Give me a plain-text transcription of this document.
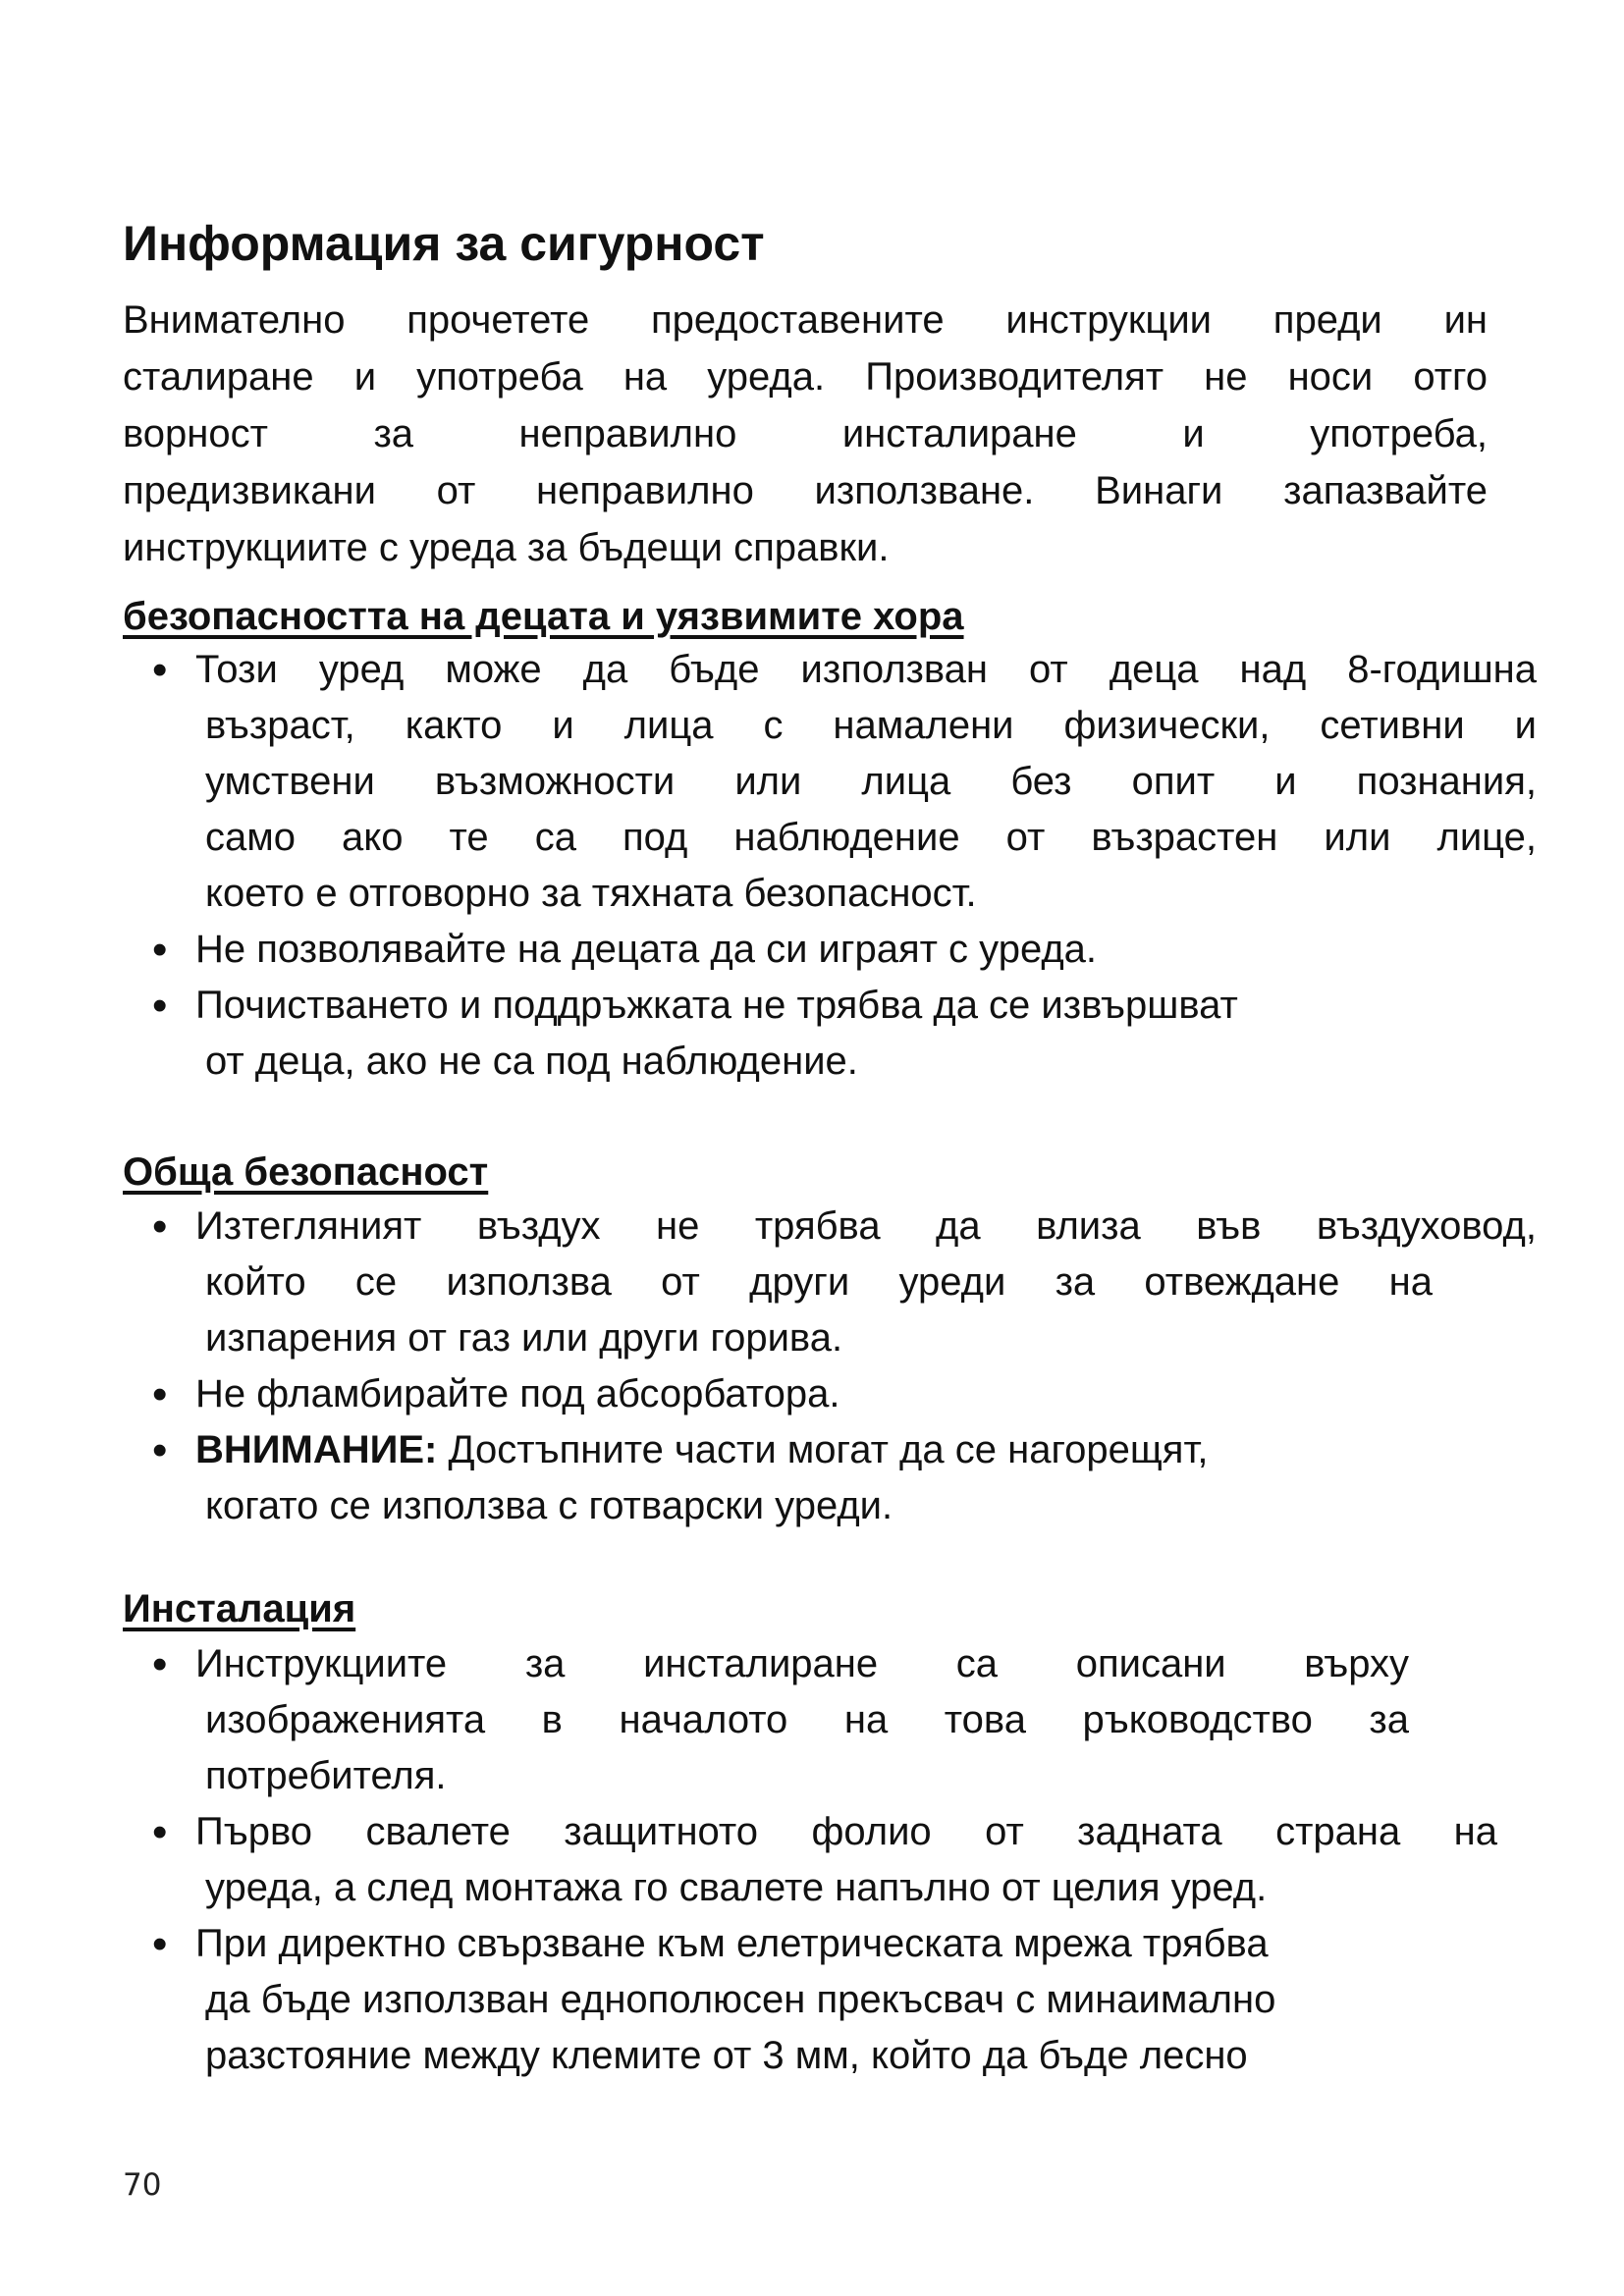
Информация за сигурност
Внимателно прочетете предоставените инструкции преди ин
сталиране и употреба на уреда. Производителят не носи отго
ворност за неправилно инсталиране и употреба,
предизвикани от неправилно използване. Винаги запазвайте
инструкциите с уреда за бъдещи справки.
безопасността на децата и уязвимите хора
• Този уред може да бъде използван от деца над 8-годишна
възраст, както и лица с намалени физически, сетивни и
умствени възможности или лица без опит и познания,
само ако те са под наблюдение от възрастен или лице,
което е отговорно за тяхната безопасност.
• Не позволявайте на децата да си играят с уреда.
• Почистването и поддръжката не трябва да се извършват
от деца, ако не са под наблюдение.
Обща безопасност
• Изтегляният въздух не трябва да влиза във въздуховод,
който се използва от други уреди за отвеждане на
изпарения от газ или други горива.
• Не фламбирайте под абсорбатора.
• ВНИМАНИЕ: Достъпните части могат да се нагорещят,
когато се използва с готварски уреди.
Инсталация
• Инструкциите за инсталиране са описани върху
изображенията в началото на това ръководство за
потребителя.
• Първо свалете защитното фолио от задната страна на
уреда, а след монтажа го свалете напълно от целия уред.
• При директно свързване към елетрическата мрежа трябва
да бъде използван еднополюсен прекъсвач с минаимално
разстояние между клемите от 3 мм, който да бъде лесно
70
